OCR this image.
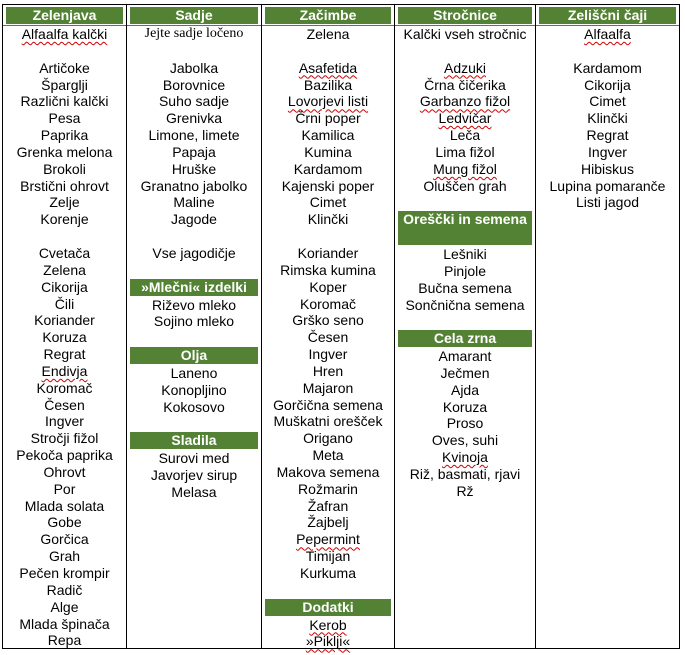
Zelenjava
Alfaalfa kalčki
Artičoke
Špargljі
Različni kalčki
Pesa
Paprika
Grenka melona
Brokoli
Brstični ohrovt
Zelje
Korenje
Cvetača
Zelena
Cikorija
Čili
Koriander
Koruza
Regrat
Endivja
Koromač
Česen
Ingver
Stročji fižol
Pekoča paprika
Ohrovt
Por
Mlada solata
Gobe
Gorčica
Grah
Pečen krompir
Radič
Alge
Mlada špinača
Repa
Sadje
Jejte sadje ločeno
Jabolka
Borovnice
Suho sadje
Grenivka
Limone, limete
Papaja
Hruške
Granatno jabolko
Maline
Jagode
Vse jagodičje
»Mlečni« izdelki
Riževo mleko
Sojino mleko
Olja
Laneno
Konopljino
Kokosovo
Sladila
Surovi med
Javorjev sirup
Melasa
Začimbe
Zelena
Asafetida
Bazilika
Lovorjevi listi
Črni poper
Kamilica
Kumina
Kardamom
Kajenski poper
Cimet
Klinčki
Koriander
Rimska kumina
Koper
Koromač
Grško seno
Česen
Ingver
Hren
Majaron
Gorčična semena
Muškatni orešček
Origano
Meta
Makova semena
Rožmarin
Žafran
Žajbelj
Pepermint
Timijan
Kurkuma
Dodatki
Kerob
»Piklji«
Stročnice
Kalčki vseh stročnic
Adzuki
Črna čičerika
Garbanzo fižol
Ledvičar
Leča
Lima fižol
Mung fižol
Oluščen grah
Oreščki in semena
Lešniki
Pinjole
Bučna semena
Sončnična semena
Cela zrna
Amarant
Ječmen
Ajda
Koruza
Proso
Oves, suhi
Kvinoja
Riž, basmati, rjavi
Rž
Zeliščni čaji
Alfaalfa
Kardamom
Cikorija
Cimet
Klinčki
Regrat
Ingver
Hibiskus
Lupina pomaranče
Listi jagod
